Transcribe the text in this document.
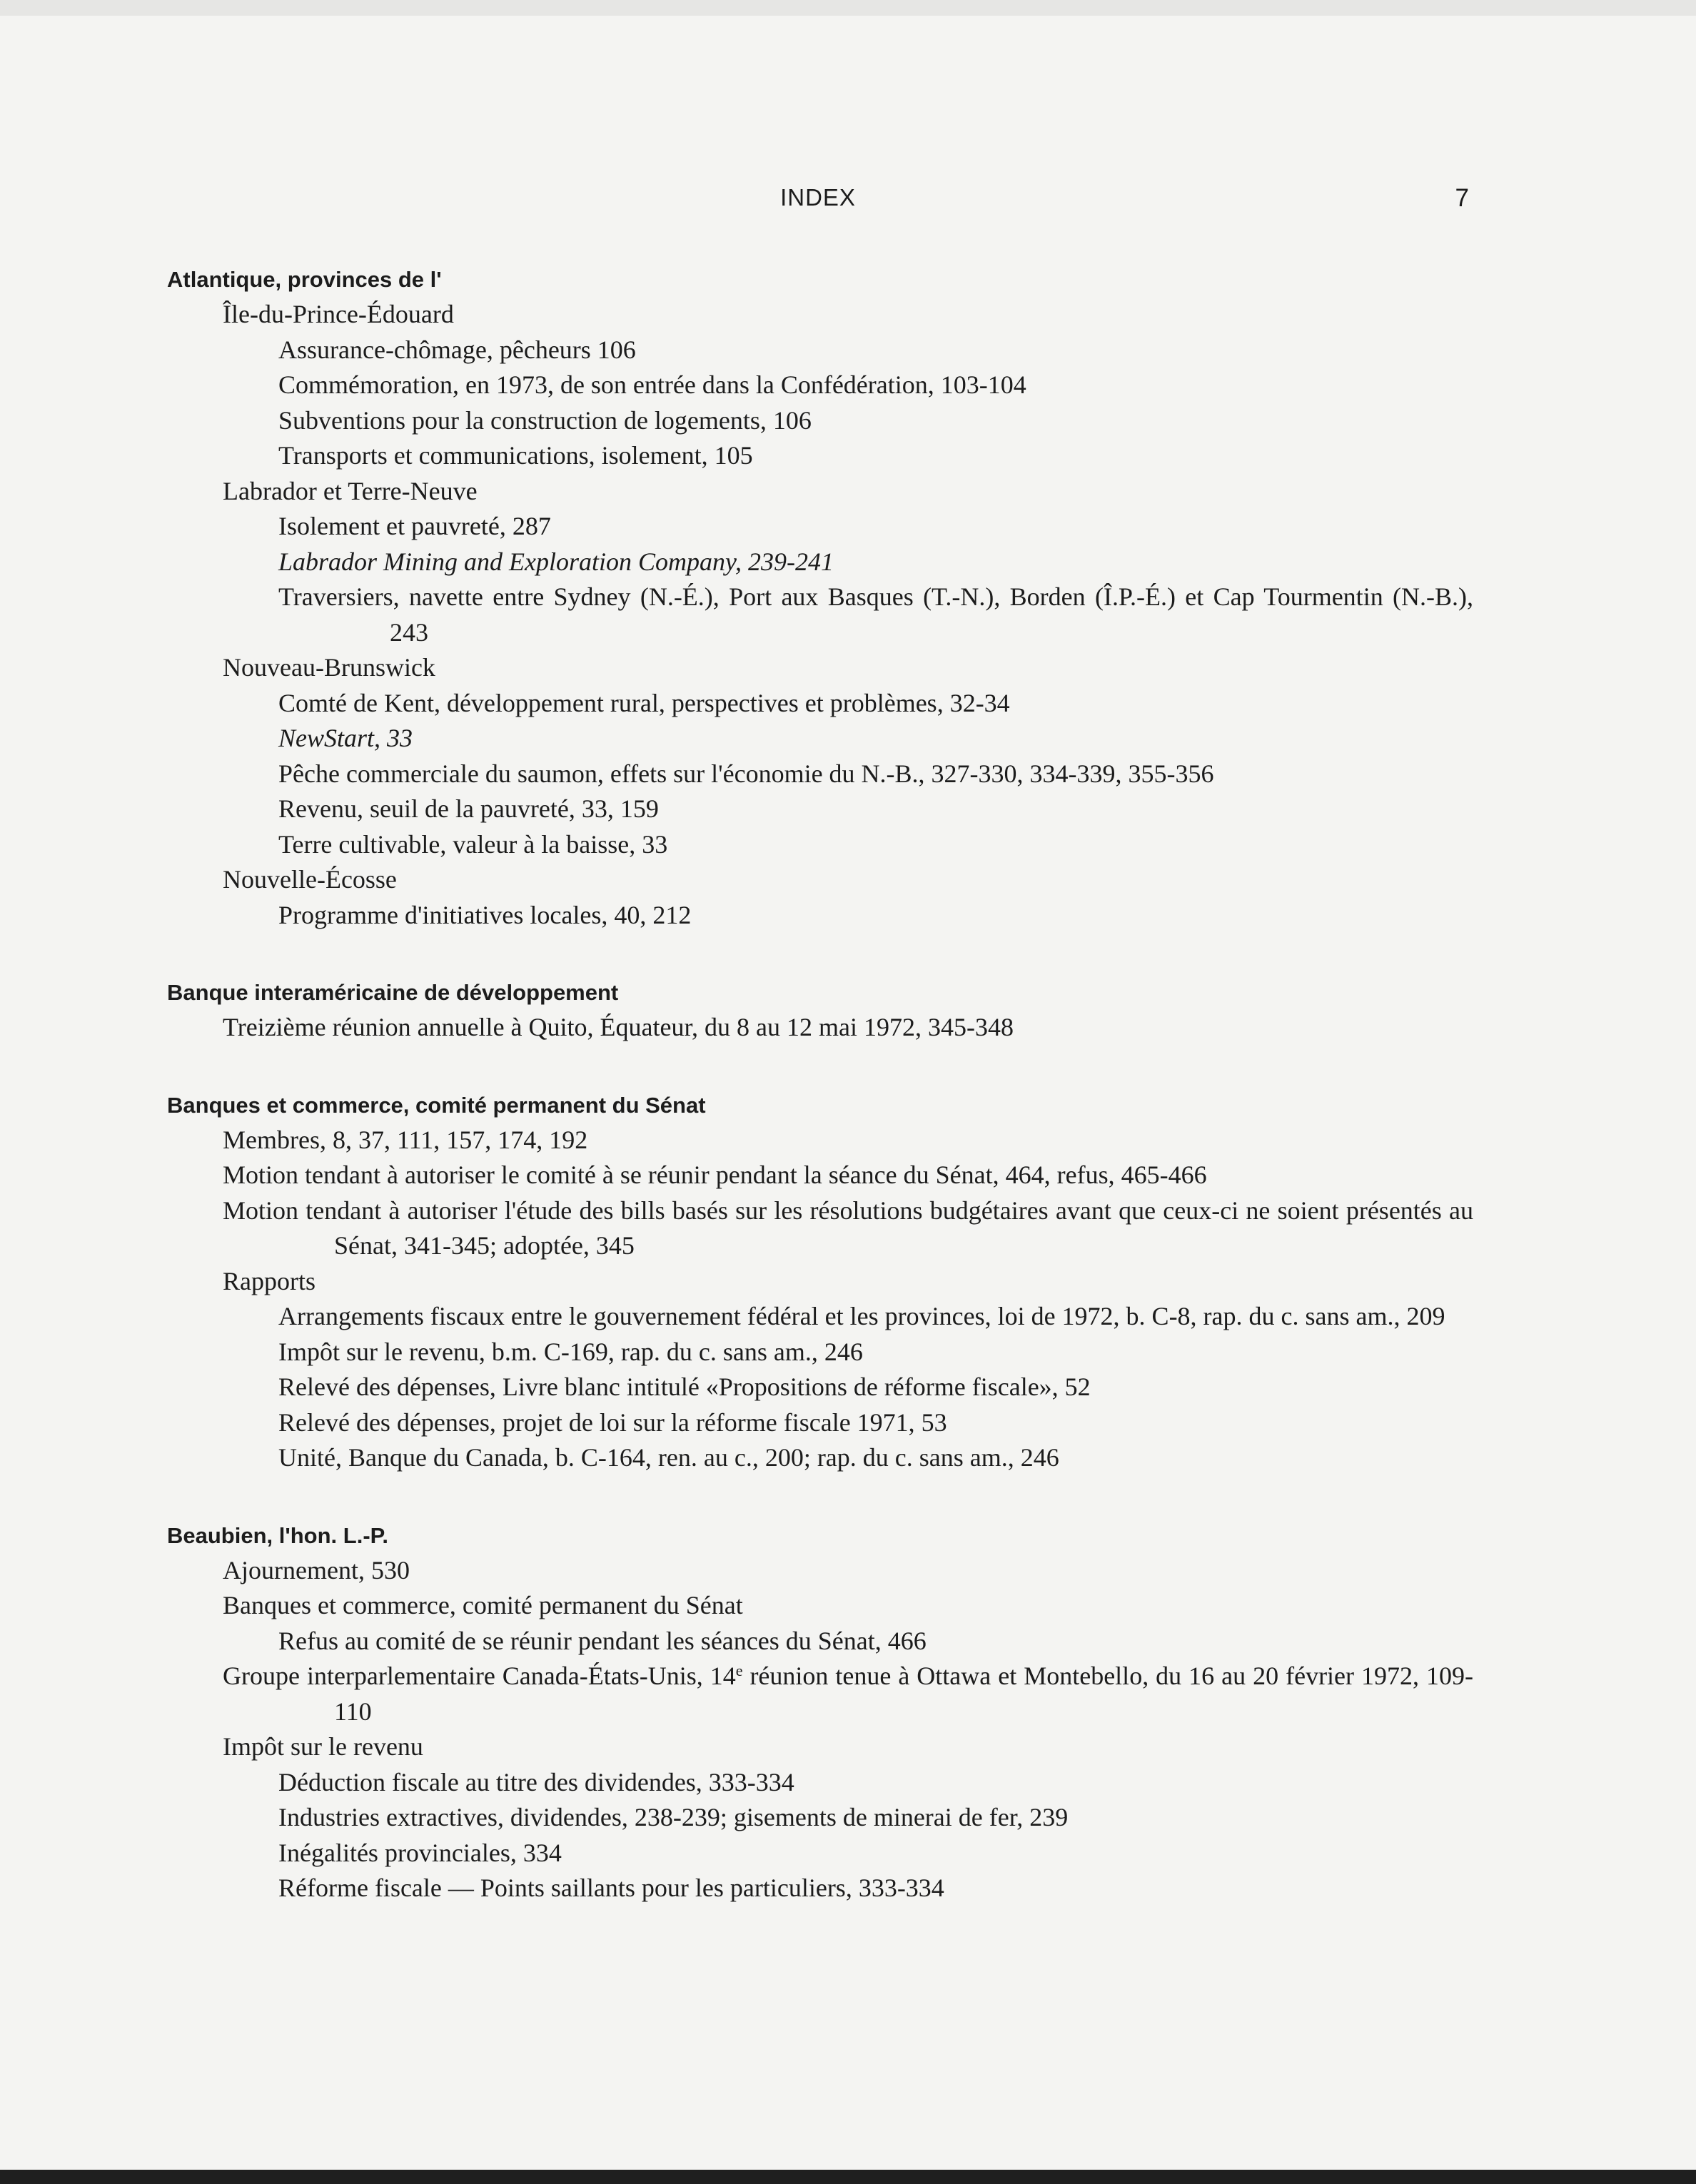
INDEX	7
Atlantique, provinces de l'
Île-du-Prince-Édouard
Assurance-chômage, pêcheurs 106
Commémoration, en 1973, de son entrée dans la Confédération, 103-104
Subventions pour la construction de logements, 106
Transports et communications, isolement, 105
Labrador et Terre-Neuve
Isolement et pauvreté, 287
Labrador Mining and Exploration Company, 239-241
Traversiers, navette entre Sydney (N.-É.), Port aux Basques (T.-N.), Borden (Î.P.-É.) et Cap Tourmentin (N.-B.), 243
Nouveau-Brunswick
Comté de Kent, développement rural, perspectives et problèmes, 32-34
NewStart, 33
Pêche commerciale du saumon, effets sur l'économie du N.-B., 327-330, 334-339, 355-356
Revenu, seuil de la pauvreté, 33, 159
Terre cultivable, valeur à la baisse, 33
Nouvelle-Écosse
Programme d'initiatives locales, 40, 212
Banque interaméricaine de développement
Treizième réunion annuelle à Quito, Équateur, du 8 au 12 mai 1972, 345-348
Banques et commerce, comité permanent du Sénat
Membres, 8, 37, 111, 157, 174, 192
Motion tendant à autoriser le comité à se réunir pendant la séance du Sénat, 464, refus, 465-466
Motion tendant à autoriser l'étude des bills basés sur les résolutions budgétaires avant que ceux-ci ne soient présentés au Sénat, 341-345; adoptée, 345
Rapports
Arrangements fiscaux entre le gouvernement fédéral et les provinces, loi de 1972, b. C-8, rap. du c. sans am., 209
Impôt sur le revenu, b.m. C-169, rap. du c. sans am., 246
Relevé des dépenses, Livre blanc intitulé «Propositions de réforme fiscale», 52
Relevé des dépenses, projet de loi sur la réforme fiscale 1971, 53
Unité, Banque du Canada, b. C-164, ren. au c., 200; rap. du c. sans am., 246
Beaubien, l'hon. L.-P.
Ajournement, 530
Banques et commerce, comité permanent du Sénat
Refus au comité de se réunir pendant les séances du Sénat, 466
Groupe interparlementaire Canada-États-Unis, 14e réunion tenue à Ottawa et Montebello, du 16 au 20 février 1972, 109-110
Impôt sur le revenu
Déduction fiscale au titre des dividendes, 333-334
Industries extractives, dividendes, 238-239; gisements de minerai de fer, 239
Inégalités provinciales, 334
Réforme fiscale — Points saillants pour les particuliers, 333-334
